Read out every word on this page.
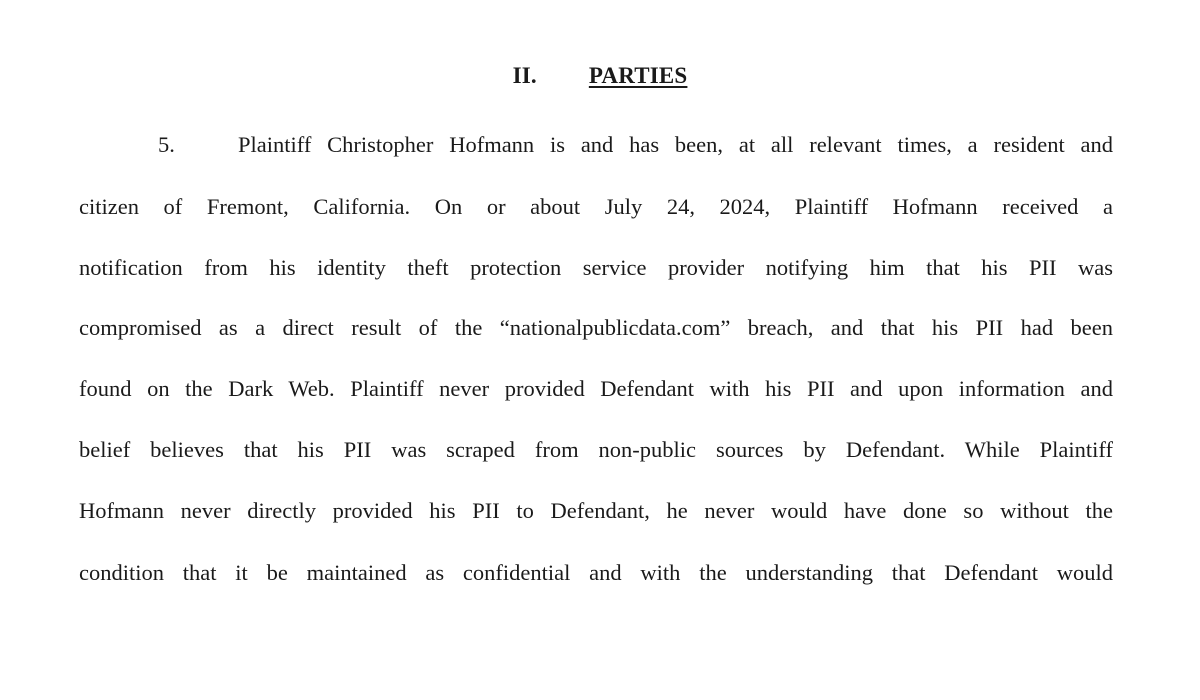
II. PARTIES
5.	Plaintiff Christopher Hofmann is and has been, at all relevant times, a resident and
citizen of Fremont, California. On or about July 24, 2024, Plaintiff Hofmann received a
notification from his identity theft protection service provider notifying him that his PII was
compromised as a direct result of the “nationalpublicdata.com” breach, and that his PII had been
found on the Dark Web. Plaintiff never provided Defendant with his PII and upon information and
belief believes that his PII was scraped from non-public sources by Defendant. While Plaintiff
Hofmann never directly provided his PII to Defendant, he never would have done so without the
condition that it be maintained as confidential and with the understanding that Defendant would
